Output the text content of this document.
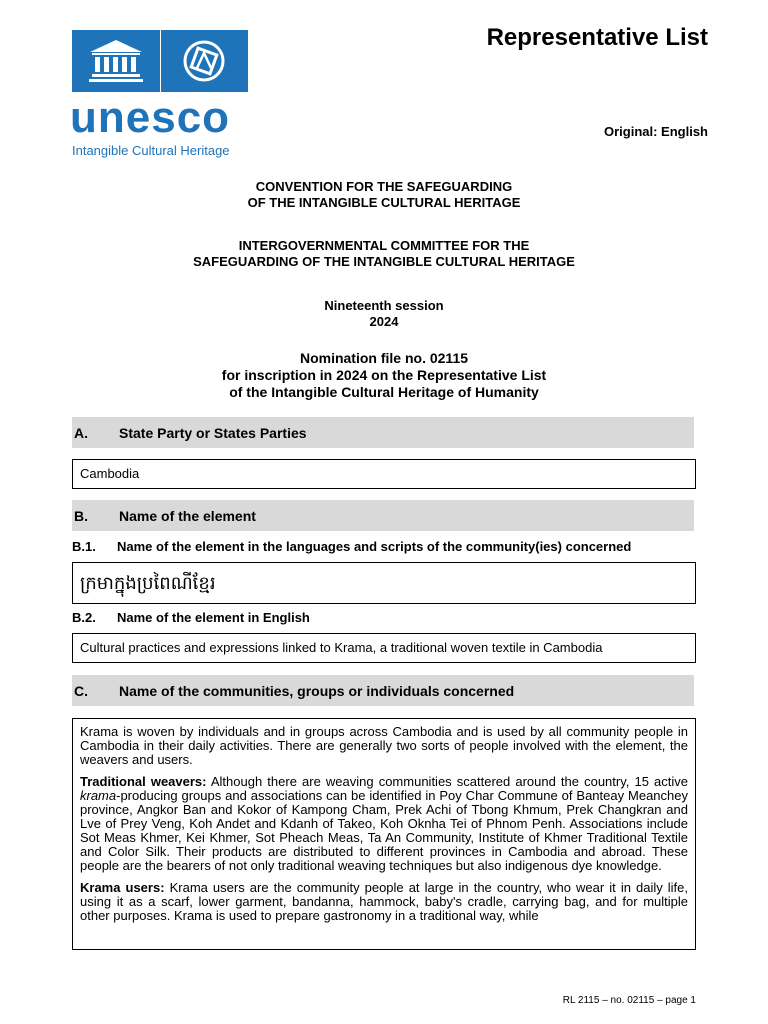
unesco
Intangible Cultural Heritage
Representative List
Original: English
CONVENTION FOR THE SAFEGUARDING
OF THE INTANGIBLE CULTURAL HERITAGE
INTERGOVERNMENTAL COMMITTEE FOR THE
SAFEGUARDING OF THE INTANGIBLE CULTURAL HERITAGE
Nineteenth session
2024
Nomination file no. 02115
for inscription in 2024 on the Representative List
of the Intangible Cultural Heritage of Humanity
A.	State Party or States Parties
Cambodia
B.	Name of the element
B.1.	Name of the element in the languages and scripts of the community(ies) concerned
ក្រមាក្នុងប្រពៃណីខ្មែរ
B.2.	Name of the element in English
Cultural practices and expressions linked to Krama, a traditional woven textile in Cambodia
C.	Name of the communities, groups or individuals concerned

Krama is woven by individuals and in groups across Cambodia and is used by all community people in Cambodia in their daily activities. There are generally two sorts of people involved with the element, the weavers and users.

Traditional weavers: Although there are weaving communities scattered around the country, 15 active krama-producing groups and associations can be identified in Poy Char Commune of Banteay Meanchey province, Angkor Ban and Kokor of Kampong Cham, Prek Achi of Tbong Khmum, Prek Changkran and Lve of Prey Veng, Koh Andet and Kdanh of Takeo, Koh Oknha Tei of Phnom Penh. Associations include Sot Meas Khmer, Kei Khmer, Sot Pheach Meas, Ta An Community, Institute of Khmer Traditional Textile and Color Silk. Their products are distributed to different provinces in Cambodia and abroad. These people are the bearers of not only traditional weaving techniques but also indigenous dye knowledge.

Krama users: Krama users are the community people at large in the country, who wear it in daily life, using it as a scarf, lower garment, bandanna, hammock, baby's cradle, carrying bag, and for multiple other purposes. Krama is used to prepare gastronomy in a traditional way, while

RL 2115 – no. 02115 – page 1
